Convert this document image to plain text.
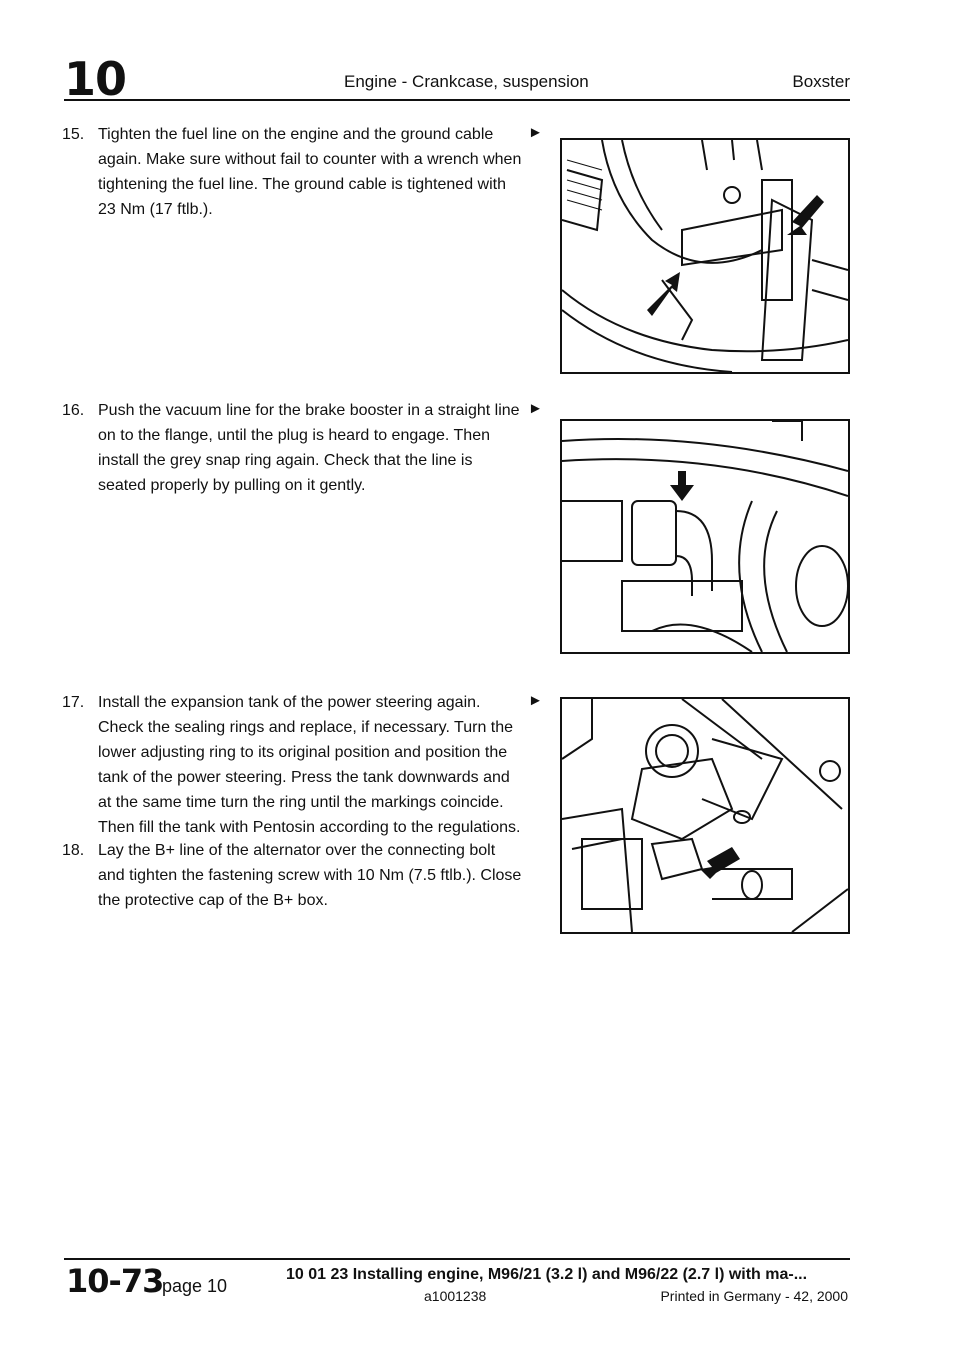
10	Engine - Crankcase, suspension	Boxster
15. Tighten the fuel line on the engine and the ground cable again. Make sure without fail to counter with a wrench when tightening the fuel line. The ground cable is tightened with 23 Nm (17 ftlb.).
►
16. Push the vacuum line for the brake booster in a straight line on to the flange, until the plug is heard to engage. Then install the grey snap ring again. Check that the line is seated properly by pulling on it gently.
►
17. Install the expansion tank of the power steering again. Check the sealing rings and replace, if necessary. Turn the lower adjusting ring to its original position and position the tank of the power steering. Press the tank downwards and at the same time turn the ring until the markings coincide. Then fill the tank with Pentosin according to the regulations.
►
18. Lay the B+ line of the alternator over the connecting bolt and tighten the fastening screw with 10 Nm (7.5 ftlb.). Close the protective cap of the B+ box.
10-73
page 10
10 01 23 Installing engine, M96/21 (3.2 l) and M96/22 (2.7 l) with ma-...
a1001238	Printed in Germany - 42, 2000
